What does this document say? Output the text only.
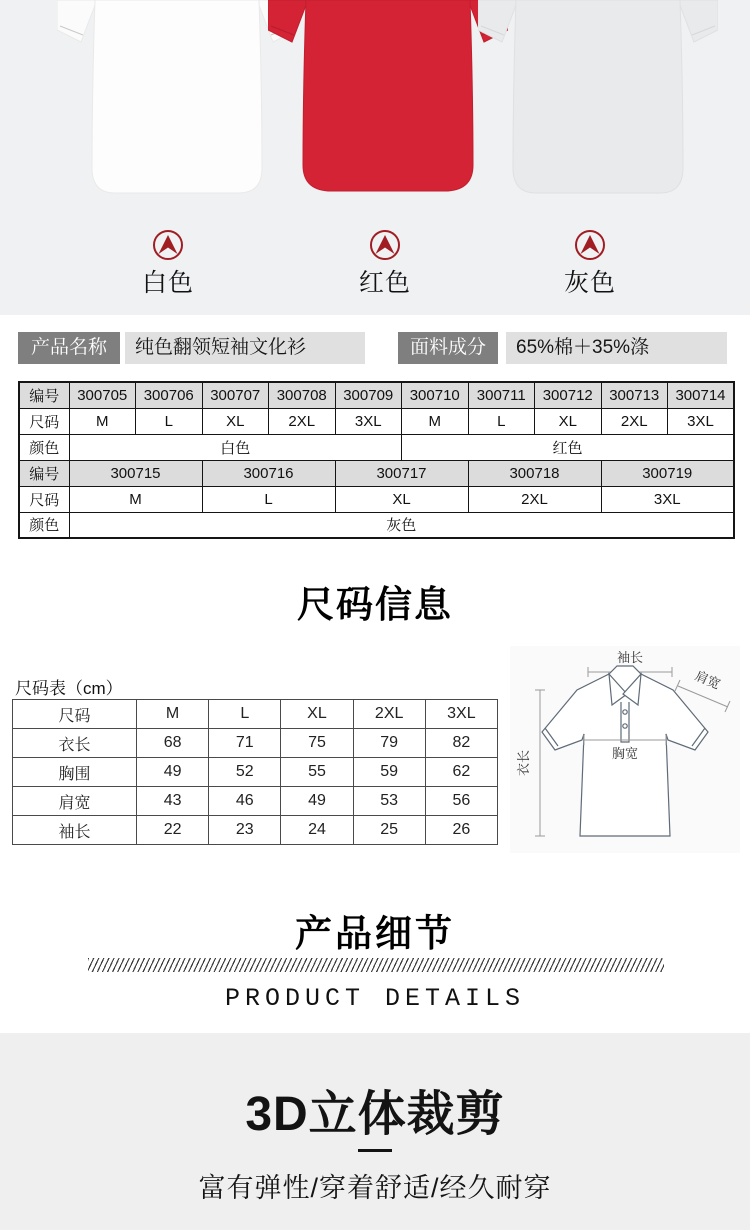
白色	红色	灰色
产品名称	纯色翻领短袖文化衫	面料成分	65%棉＋35%涤
编号	300705	300706	300707	300708	300709	300710	300711	300712	300713	300714
尺码	M	L	XL	2XL	3XL	M	L	XL	2XL	3XL
颜色	白色					红色				
编号	300715		300716		300717		300718		300719	
尺码	M		L		XL		2XL		3XL	
颜色	灰色									
尺码信息
尺码表（cm）
尺码	M	L	XL	2XL	3XL
衣长	68	71	75	79	82
胸围	49	52	55	59	62
肩宽	43	46	49	53	56
袖长	22	23	24	25	26
袖长
肩宽
衣长	胸宽
产品细节
PRODUCT DETAILS
3D立体裁剪
富有弹性/穿着舒适/经久耐穿
